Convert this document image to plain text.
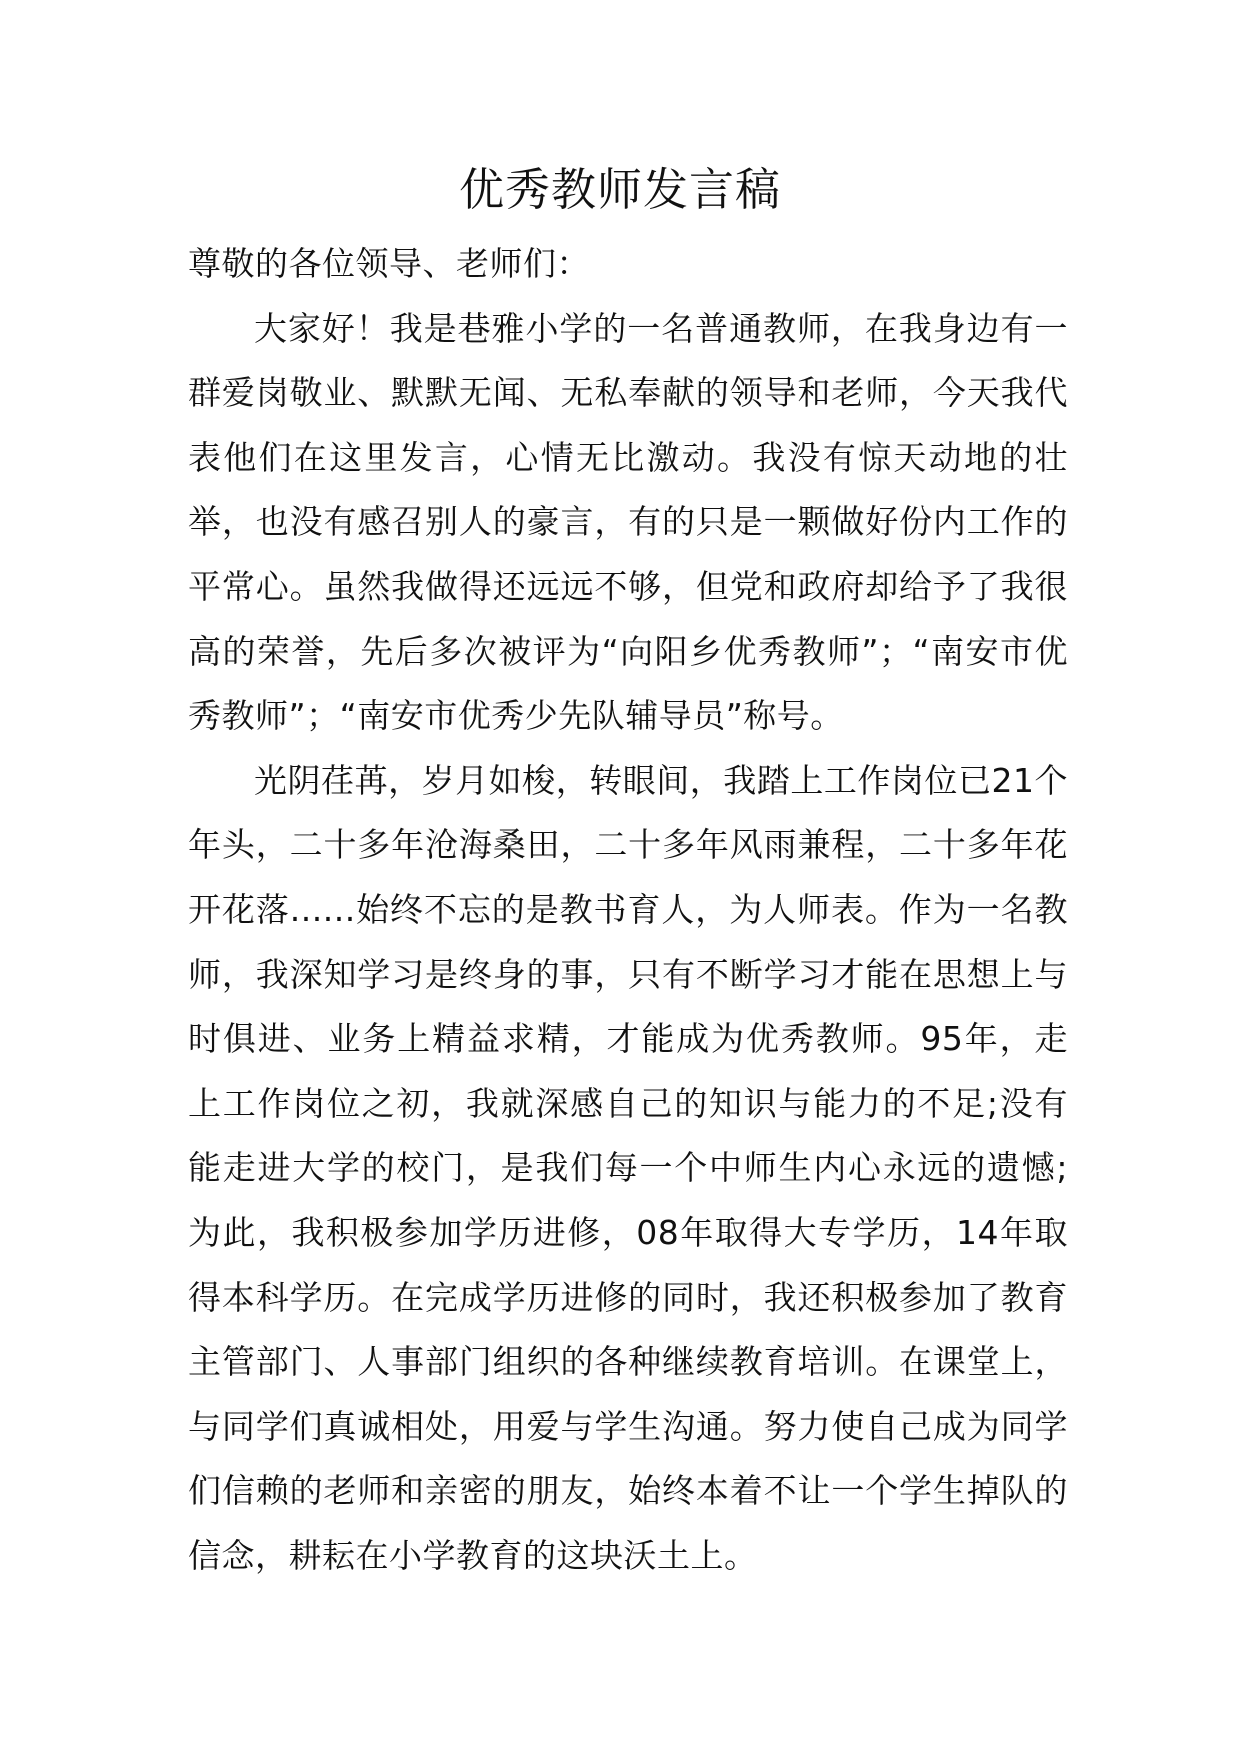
优秀教师发言稿

尊敬的各位领导、老师们：

大家好！我是巷雅小学的一名普通教师，在我身边有一群爱岗敬业、默默无闻、无私奉献的领导和老师，今天我代表他们在这里发言，心情无比激动。我没有惊天动地的壮举，也没有感召别人的豪言，有的只是一颗做好份内工作的平常心。虽然我做得还远远不够，但党和政府却给予了我很高的荣誉，先后多次被评为“向阳乡优秀教师”；“南安市优秀教师”；“南安市优秀少先队辅导员”称号。

光阴荏苒，岁月如梭，转眼间，我踏上工作岗位已21个年头，二十多年沧海桑田，二十多年风雨兼程，二十多年花开花落......始终不忘的是教书育人，为人师表。作为一名教师，我深知学习是终身的事，只有不断学习才能在思想上与时俱进、业务上精益求精，才能成为优秀教师。95年，走上工作岗位之初，我就深感自己的知识与能力的不足;没有能走进大学的校门，是我们每一个中师生内心永远的遗憾;为此，我积极参加学历进修，08年取得大专学历，14年取得本科学历。在完成学历进修的同时，我还积极参加了教育主管部门、人事部门组织的各种继续教育培训。在课堂上，与同学们真诚相处，用爱与学生沟通。努力使自己成为同学们信赖的老师和亲密的朋友，始终本着不让一个学生掉队的信念，耕耘在小学教育的这块沃土上。
